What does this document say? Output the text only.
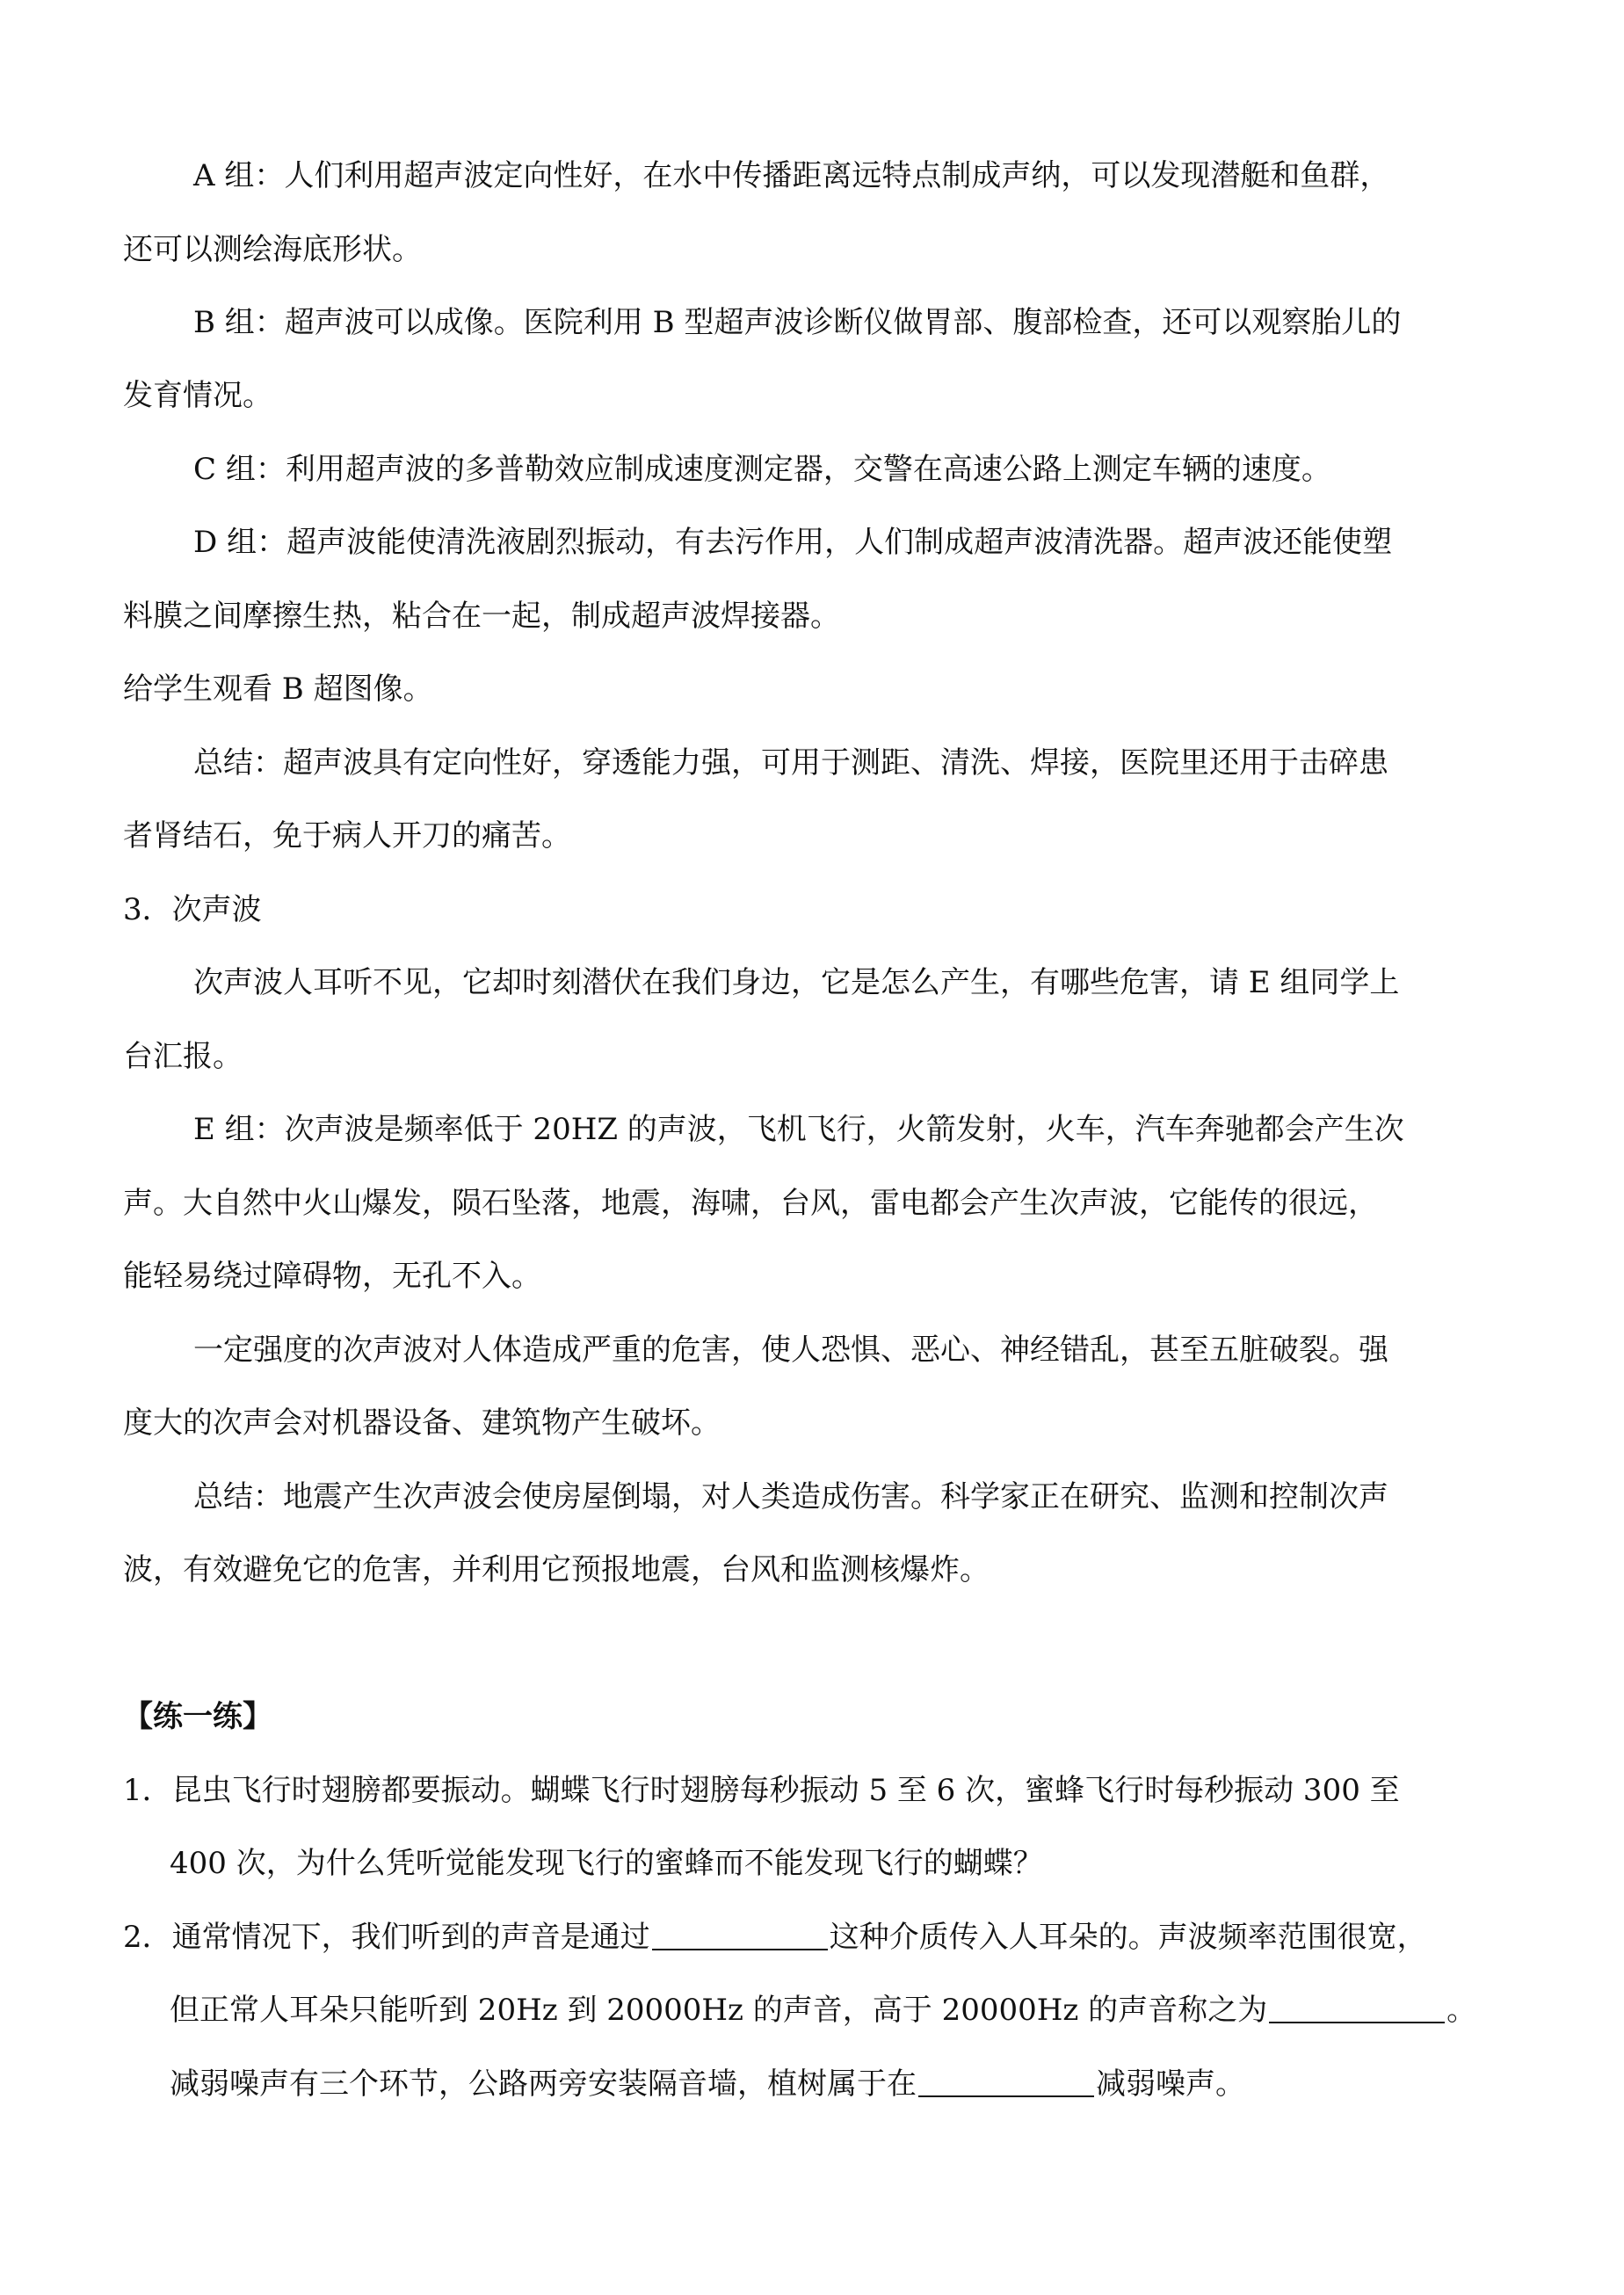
A 组：人们利用超声波定向性好，在水中传播距离远特点制成声纳，可以发现潜艇和鱼群，
还可以测绘海底形状。
B 组：超声波可以成像。医院利用 B 型超声波诊断仪做胃部、腹部检查，还可以观察胎儿的
发育情况。
C 组：利用超声波的多普勒效应制成速度测定器，交警在高速公路上测定车辆的速度。
D 组：超声波能使清洗液剧烈振动，有去污作用，人们制成超声波清洗器。超声波还能使塑
料膜之间摩擦生热，粘合在一起，制成超声波焊接器。
给学生观看 B 超图像。
总结：超声波具有定向性好，穿透能力强，可用于测距、清洗、焊接，医院里还用于击碎患
者肾结石，免于病人开刀的痛苦。
3．次声波
次声波人耳听不见，它却时刻潜伏在我们身边，它是怎么产生，有哪些危害，请 E 组同学上
台汇报。
E 组：次声波是频率低于 20HZ 的声波，飞机飞行，火箭发射，火车，汽车奔驰都会产生次
声。大自然中火山爆发，陨石坠落，地震，海啸，台风，雷电都会产生次声波，它能传的很远，
能轻易绕过障碍物，无孔不入。
一定强度的次声波对人体造成严重的危害，使人恐惧、恶心、神经错乱，甚至五脏破裂。强
度大的次声会对机器设备、建筑物产生破坏。
总结：地震产生次声波会使房屋倒塌，对人类造成伤害。科学家正在研究、监测和控制次声
波，有效避免它的危害，并利用它预报地震，台风和监测核爆炸。
【练一练】
1．昆虫飞行时翅膀都要振动。蝴蝶飞行时翅膀每秒振动 5 至 6 次，蜜蜂飞行时每秒振动 300 至
400 次，为什么凭听觉能发现飞行的蜜蜂而不能发现飞行的蝴蝶？
2．通常情况下，我们听到的声音是通过	这种介质传入人耳朵的。声波频率范围很宽，
但正常人耳朵只能听到 20Hz 到 20000Hz 的声音，高于 20000Hz 的声音称之为	。
减弱噪声有三个环节，公路两旁安装隔音墙，植树属于在	减弱噪声。
